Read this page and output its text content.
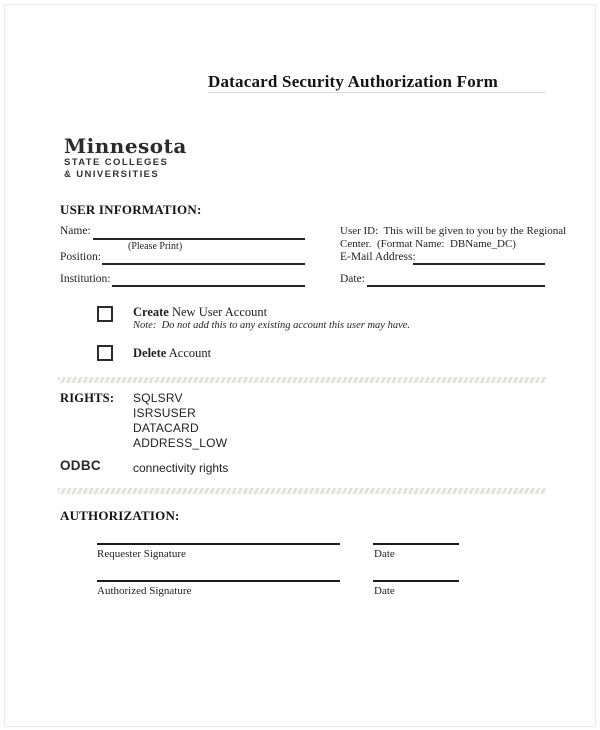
Datacard Security Authorization Form
Minnesota
STATE COLLEGES
& UNIVERSITIES
USER INFORMATION:
Name:
(Please Print)
Position:
Institution:
User ID:  This will be given to you by the Regional
Center.  (Format Name:  DBName_DC)
E-Mail Address:
Date:
Create New User Account
Note:  Do not add this to any existing account this user may have.
Delete Account
RIGHTS: SQLSRV
ISRSUSER
DATACARD
ADDRESS_LOW
ODBC	connectivity rights
AUTHORIZATION:
Requester Signature	Date
Authorized Signature	Date
